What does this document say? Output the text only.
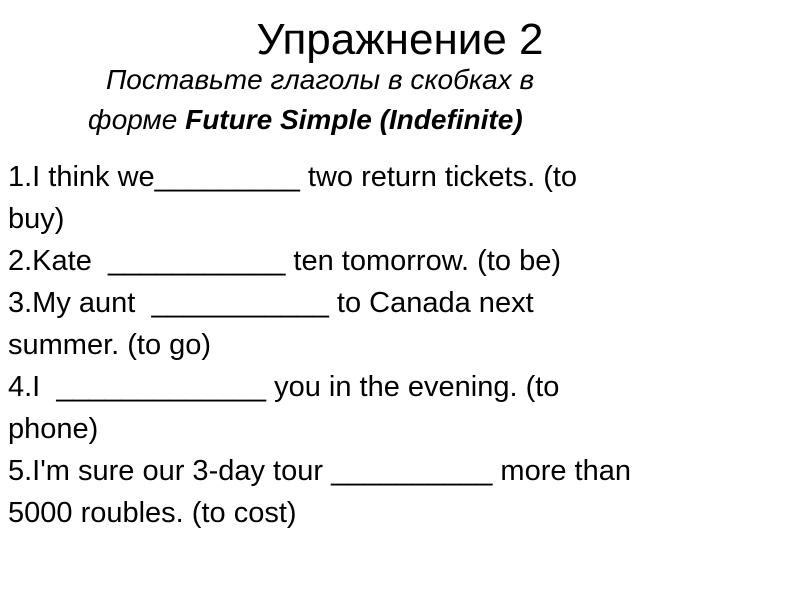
Упражнение 2
Поставьте глаголы в скобках в
форме Future Simple (Indefinite)
1.I think we_________ two return tickets. (to
buy)
2.Kate  ___________ ten tomorrow. (to be)
3.My aunt  ___________ to Canada next
summer. (to go)
4.I  _____________ you in the evening. (to
phone)
5.I'm sure our 3-day tour __________ more than
5000 roubles. (to cost)
